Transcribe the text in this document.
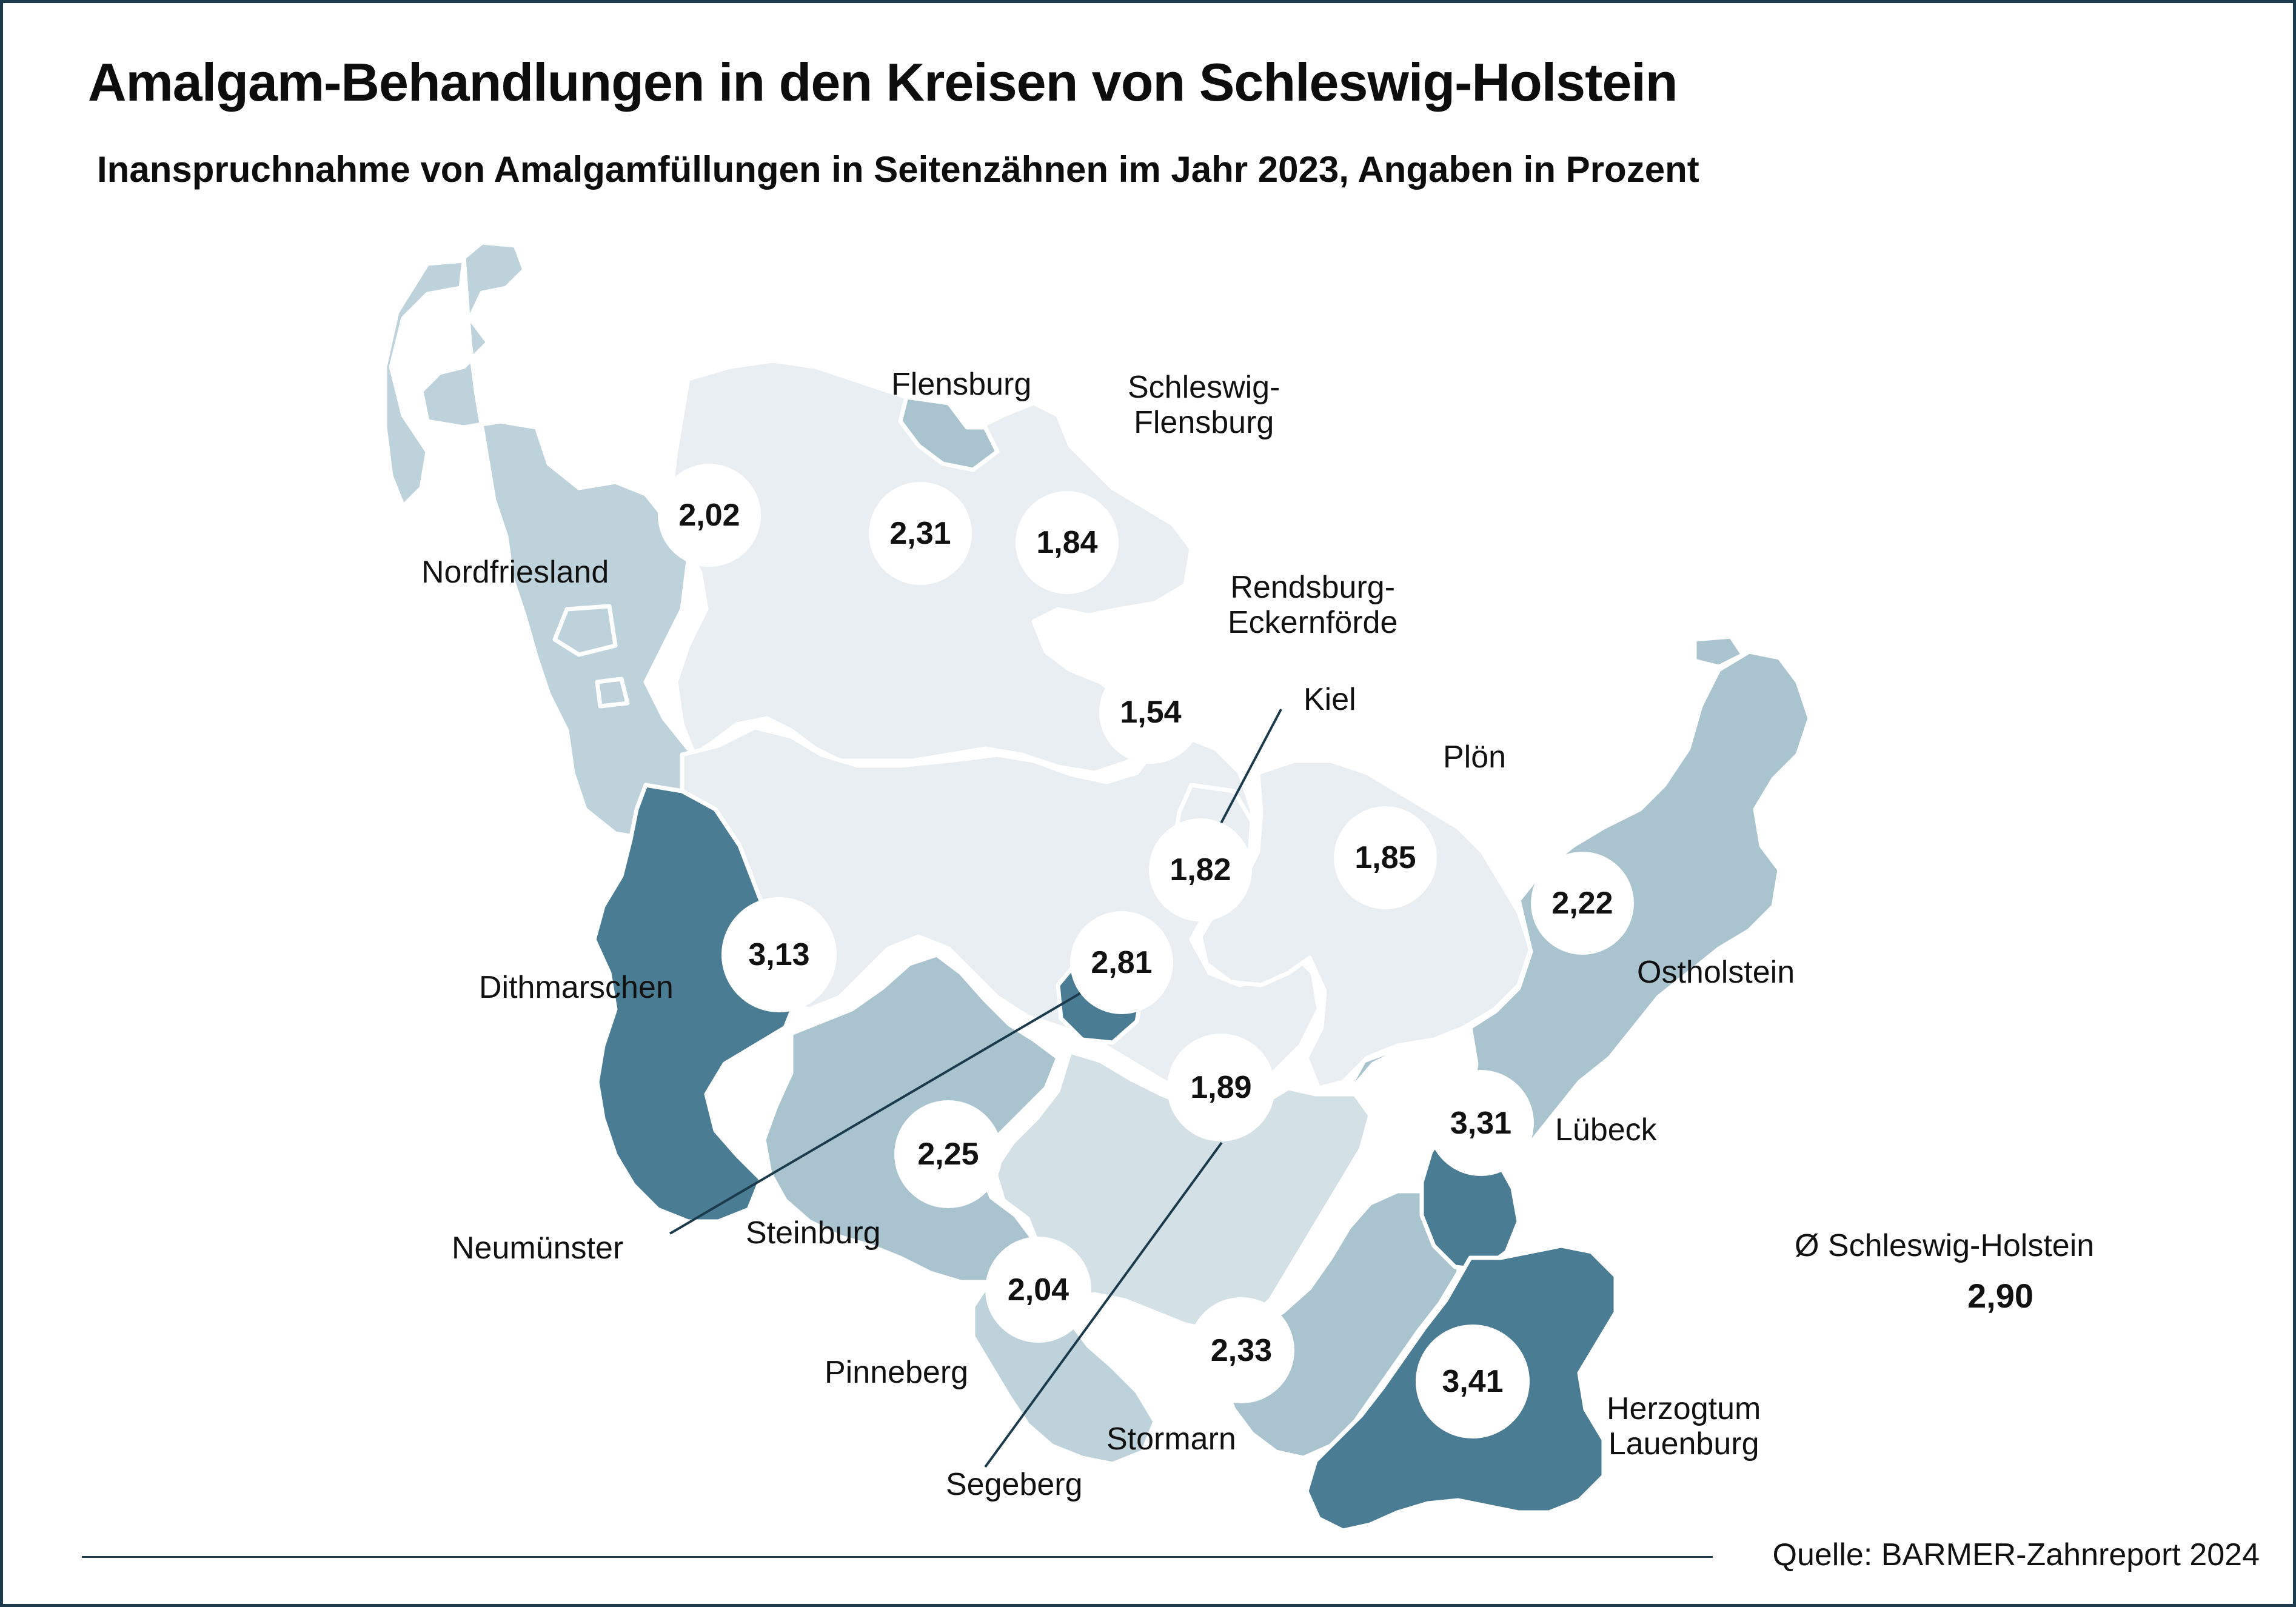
Amalgam-Behandlungen in den Kreisen von Schleswig-Holstein
Inanspruchnahme von Amalgamfüllungen in Seitenzähnen im Jahr 2023, Angaben in Prozent
Nordfriesland
Flensburg	Schleswig-
Flensburg
Rendsburg-
Eckernförde
Kiel
Plön
Ostholstein
Dithmarschen
Neumünster	Steinburg
Pinneberg
Lübeck
Stormarn
Segeberg
Herzogtum
Lauenburg
2,02
2,31	1,84
1,54
1,82	1,85
2,22
3,13	2,81
2,25
1,89
2,04
3,31
2,33
3,41
Ø Schleswig-Holstein
2,90
Quelle: BARMER-Zahnreport 2024
